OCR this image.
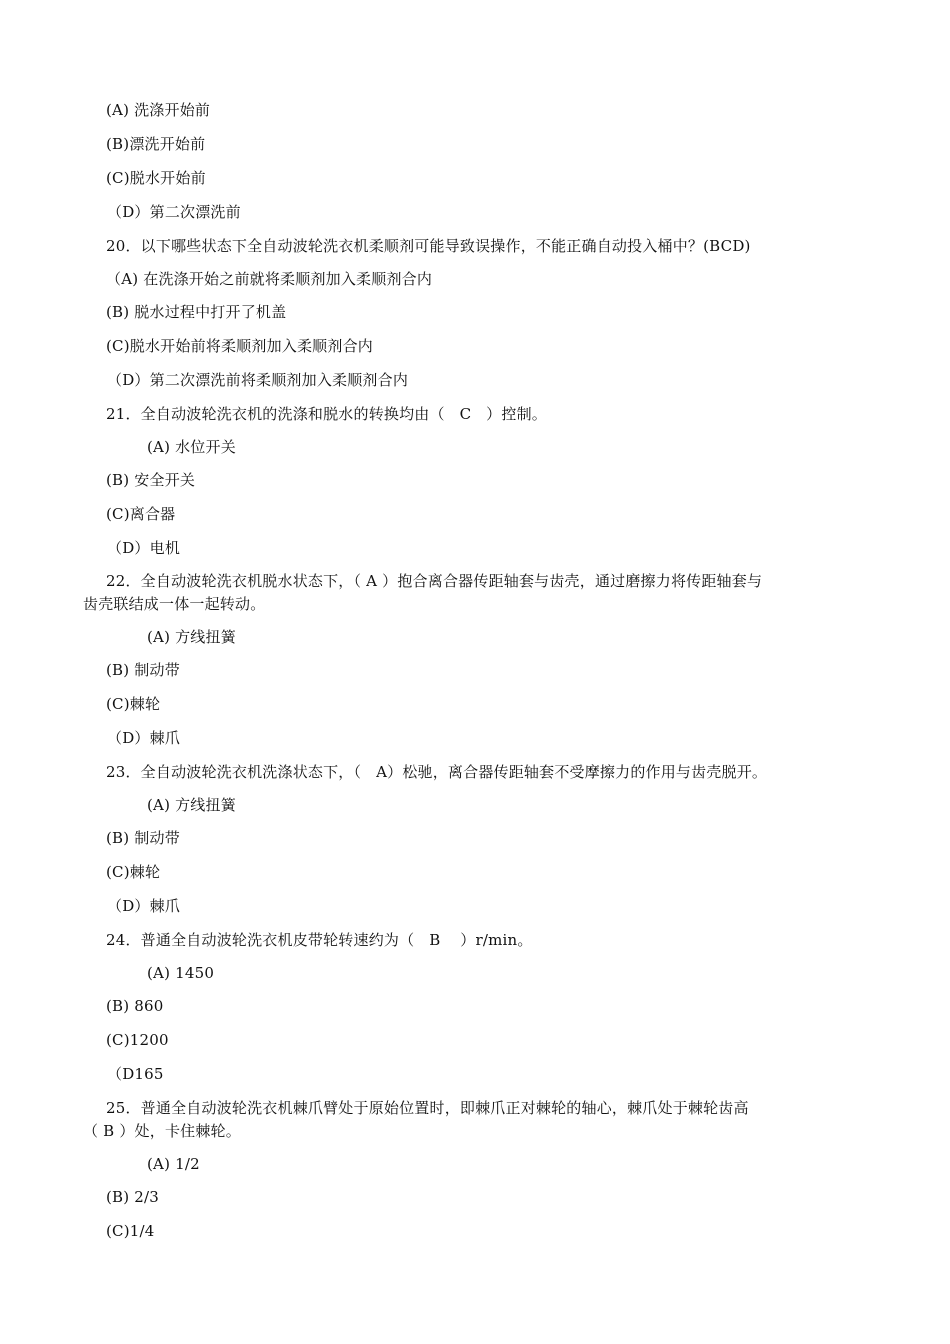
(A) 洗涤开始前
(B)漂洗开始前
(C)脱水开始前
（D）第二次漂洗前
20．以下哪些状态下全自动波轮洗衣机柔顺剂可能导致误操作，不能正确自动投入桶中？(BCD)
（A) 在洗涤开始之前就将柔顺剂加入柔顺剂合内
(B) 脱水过程中打开了机盖
(C)脱水开始前将柔顺剂加入柔顺剂合内
（D）第二次漂洗前将柔顺剂加入柔顺剂合内
21．全自动波轮洗衣机的洗涤和脱水的转换均由（   C   ）控制。
(A) 水位开关
(B) 安全开关
(C)离合器
（D）电机
22．全自动波轮洗衣机脱水状态下，（ A ）抱合离合器传距轴套与齿壳，通过磨擦力将传距轴套与
齿壳联结成一体一起转动。
(A) 方线扭簧
(B) 制动带
(C)棘轮
（D）棘爪
23．全自动波轮洗衣机洗涤状态下，（   A）松驰，离合器传距轴套不受摩擦力的作用与齿壳脱开。
(A) 方线扭簧
(B) 制动带
(C)棘轮
（D）棘爪
24．普通全自动波轮洗衣机皮带轮转速约为（   B    ）r/min。
(A) 1450
(B) 860
(C)1200
（D165
25．普通全自动波轮洗衣机棘爪臂处于原始位置时，即棘爪正对棘轮的轴心，棘爪处于棘轮齿高
（ B ）处，卡住棘轮。
(A) 1/2
(B) 2/3
(C)1/4
